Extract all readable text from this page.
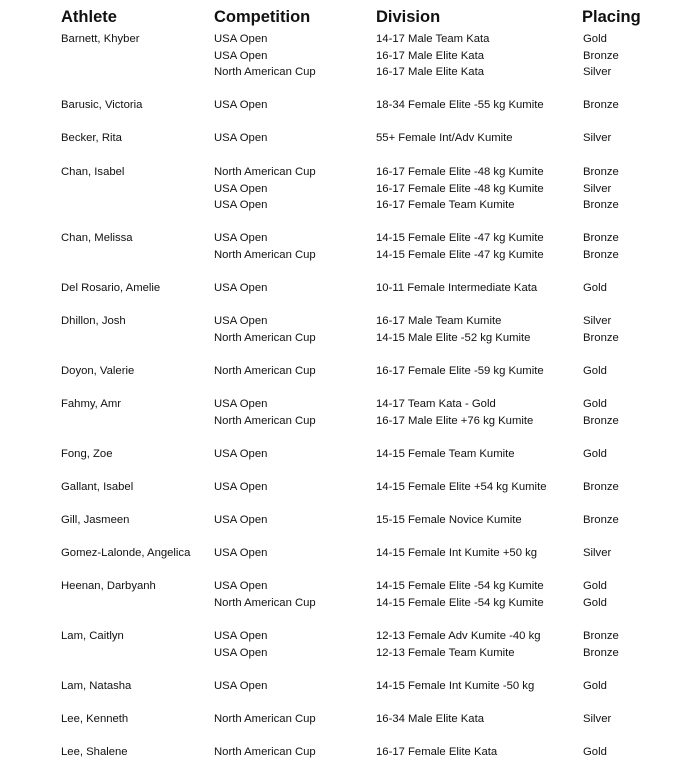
Athlete	Competition	Division	Placing
Barnett, Khyber	USA Open	14-17 Male Team Kata	Gold
USA Open	16-17 Male Elite Kata	Bronze
North American Cup	16-17 Male Elite Kata	Silver
Barusic, Victoria	USA Open	18-34 Female Elite -55 kg Kumite	Bronze
Becker, Rita	USA Open	55+ Female Int/Adv Kumite	Silver
Chan, Isabel	North American Cup	16-17 Female Elite -48 kg Kumite	Bronze
USA Open	16-17 Female Elite -48 kg Kumite	Silver
USA Open	16-17 Female Team Kumite	Bronze
Chan, Melissa	USA Open	14-15 Female Elite -47 kg Kumite	Bronze
North American Cup	14-15 Female Elite -47 kg Kumite	Bronze
Del Rosario, Amelie	USA Open	10-11 Female Intermediate Kata	Gold
Dhillon, Josh	USA Open	16-17 Male Team Kumite	Silver
North American Cup	14-15 Male Elite -52 kg Kumite	Bronze
Doyon, Valerie	North American Cup	16-17 Female Elite -59 kg Kumite	Gold
Fahmy, Amr	USA Open	14-17 Team Kata - Gold	Gold
North American Cup	16-17 Male Elite +76 kg Kumite	Bronze
Fong, Zoe	USA Open	14-15 Female Team Kumite	Gold
Gallant, Isabel	USA Open	14-15 Female Elite +54 kg Kumite	Bronze
Gill, Jasmeen	USA Open	15-15 Female Novice Kumite	Bronze
Gomez-Lalonde, Angelica USA Open	14-15 Female Int Kumite +50 kg	Silver
Heenan, Darbyanh	USA Open	14-15 Female Elite -54 kg Kumite	Gold
North American Cup	14-15 Female Elite -54 kg Kumite	Gold
Lam, Caitlyn	USA Open	12-13 Female Adv Kumite -40 kg	Bronze
USA Open	12-13 Female Team Kumite	Bronze
Lam, Natasha	USA Open	14-15 Female Int Kumite -50 kg	Gold
Lee, Kenneth	North American Cup	16-34 Male Elite Kata	Silver
Lee, Shalene	North American Cup	16-17 Female Elite Kata	Gold
